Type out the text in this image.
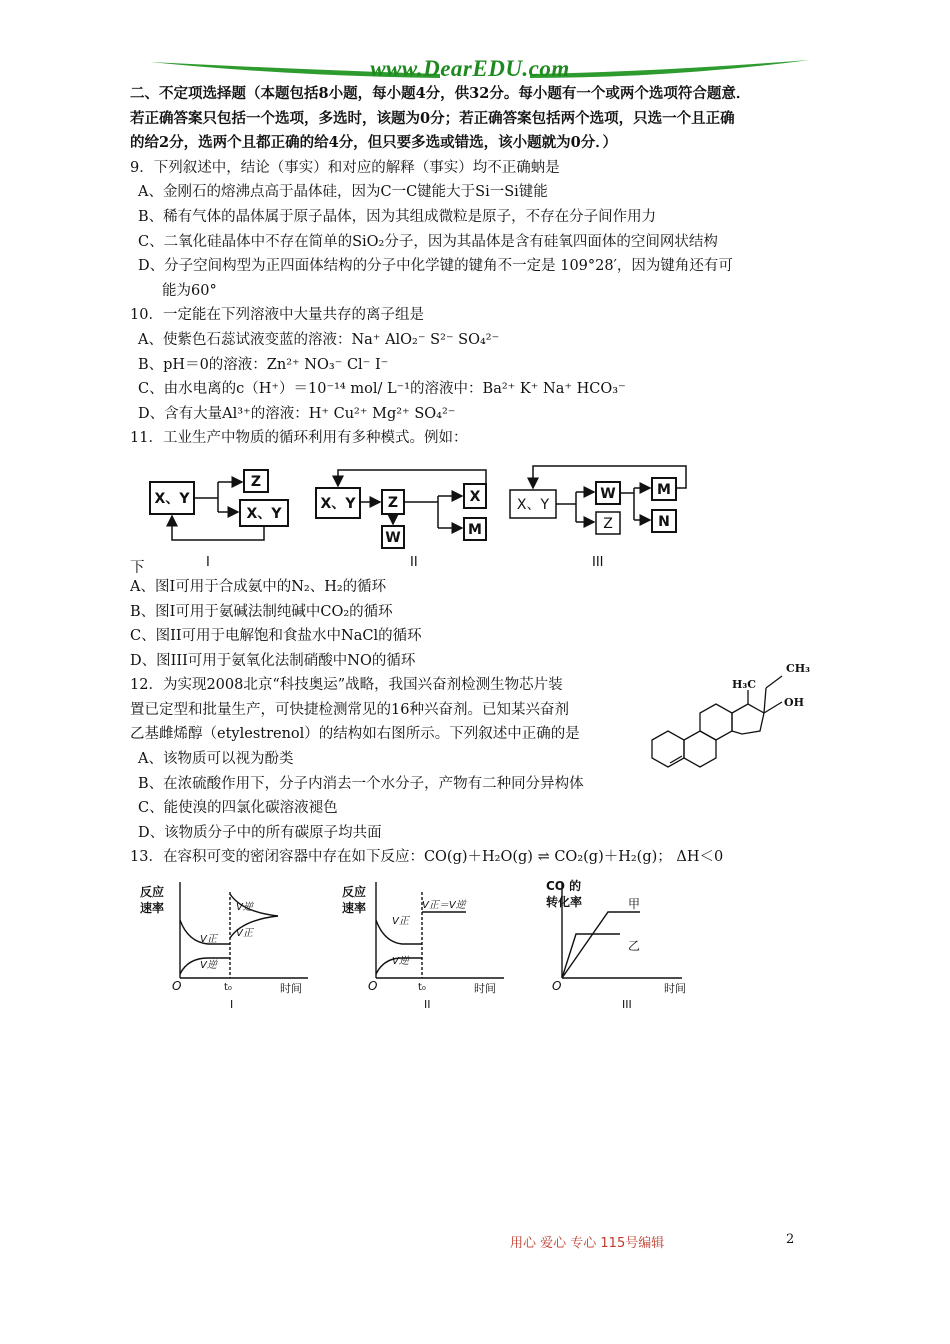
www.DearEDU.com
二、不定项选择题（本题包括8小题，每小题4分，供32分。每小题有一个或两个选项符合题意．
若正确答案只包括一个选项，多选时，该题为0分；若正确答案包括两个选项，只选一个且正确
的给2分，选两个且都正确的给4分，但只要多选或错选，该小题就为0分．）
9．下列叙述中，结论（事实）和对应的解释（事实）均不正确蚋是
A、金刚石的熔沸点高于晶体硅，因为C一C键能大于Si一Si键能
B、稀有气体的晶体属于原子晶体，因为其组成微粒是原子，不存在分子间作用力
C、二氧化硅晶体中不存在简单的SiO₂分子，因为其晶体是含有硅氧四面体的空间网状结构
D、分子空间构型为正四面体结构的分子中化学键的键角不一定是 109°28′，因为键角还有可
能为60°
10．一定能在下列溶液中大量共存的离子组是
A、使紫色石蕊试液变蓝的溶液：Na⁺ AlO₂⁻ S²⁻ SO₄²⁻
B、pH＝0的溶液：Zn²⁺ NO₃⁻ Cl⁻ I⁻
C、由水电离的c（H⁺）＝10⁻¹⁴ mol/ L⁻¹的溶液中：Ba²⁺ K⁺ Na⁺ HCO₃⁻
D、含有大量Al³⁺的溶液：H⁺ Cu²⁺ Mg²⁺ SO₄²⁻
11．工业生产中物质的循环利用有多种模式。例如：
下
A、图I可用于合成氨中的N₂、H₂的循环
B、图I可用于氨碱法制纯碱中CO₂的循环
C、图II可用于电解饱和食盐水中NaCl的循环
D、图III可用于氨氧化法制硝酸中NO的循环
12．为实现2008北京“科技奥运”战略，我国兴奋剂检测生物芯片装
置已定型和批量生产，可快捷检测常见的16种兴奋剂。已知某兴奋剂
乙基雌烯醇（etylestrenol）的结构如右图所示。下列叙述中正确的是
A、该物质可以视为酚类
B、在浓硫酸作用下，分子内消去一个水分子，产物有二种同分异构体
C、能使溴的四氯化碳溶液褪色
D、该物质分子中的所有碳原子均共面
13．在容积可变的密闭容器中存在如下反应：CO(g)＋H₂O(g) ⇌ CO₂(g)＋H₂(g)； ΔH＜0
X、Y
Z
X、Y
I
X、Y Z
W
X
M
II
X、Y
W
Z
M
N
III
CH₃
H₃C
OH
反应
速率
O	t₀	时间
I
V正
V逆
V逆
V正
反应
速率
O	t₀	时间
II
V正＝V逆
V正
V逆
CO 的
转化率
O	时间
III
甲
乙
用心 爱心 专心 115号编辑	2
